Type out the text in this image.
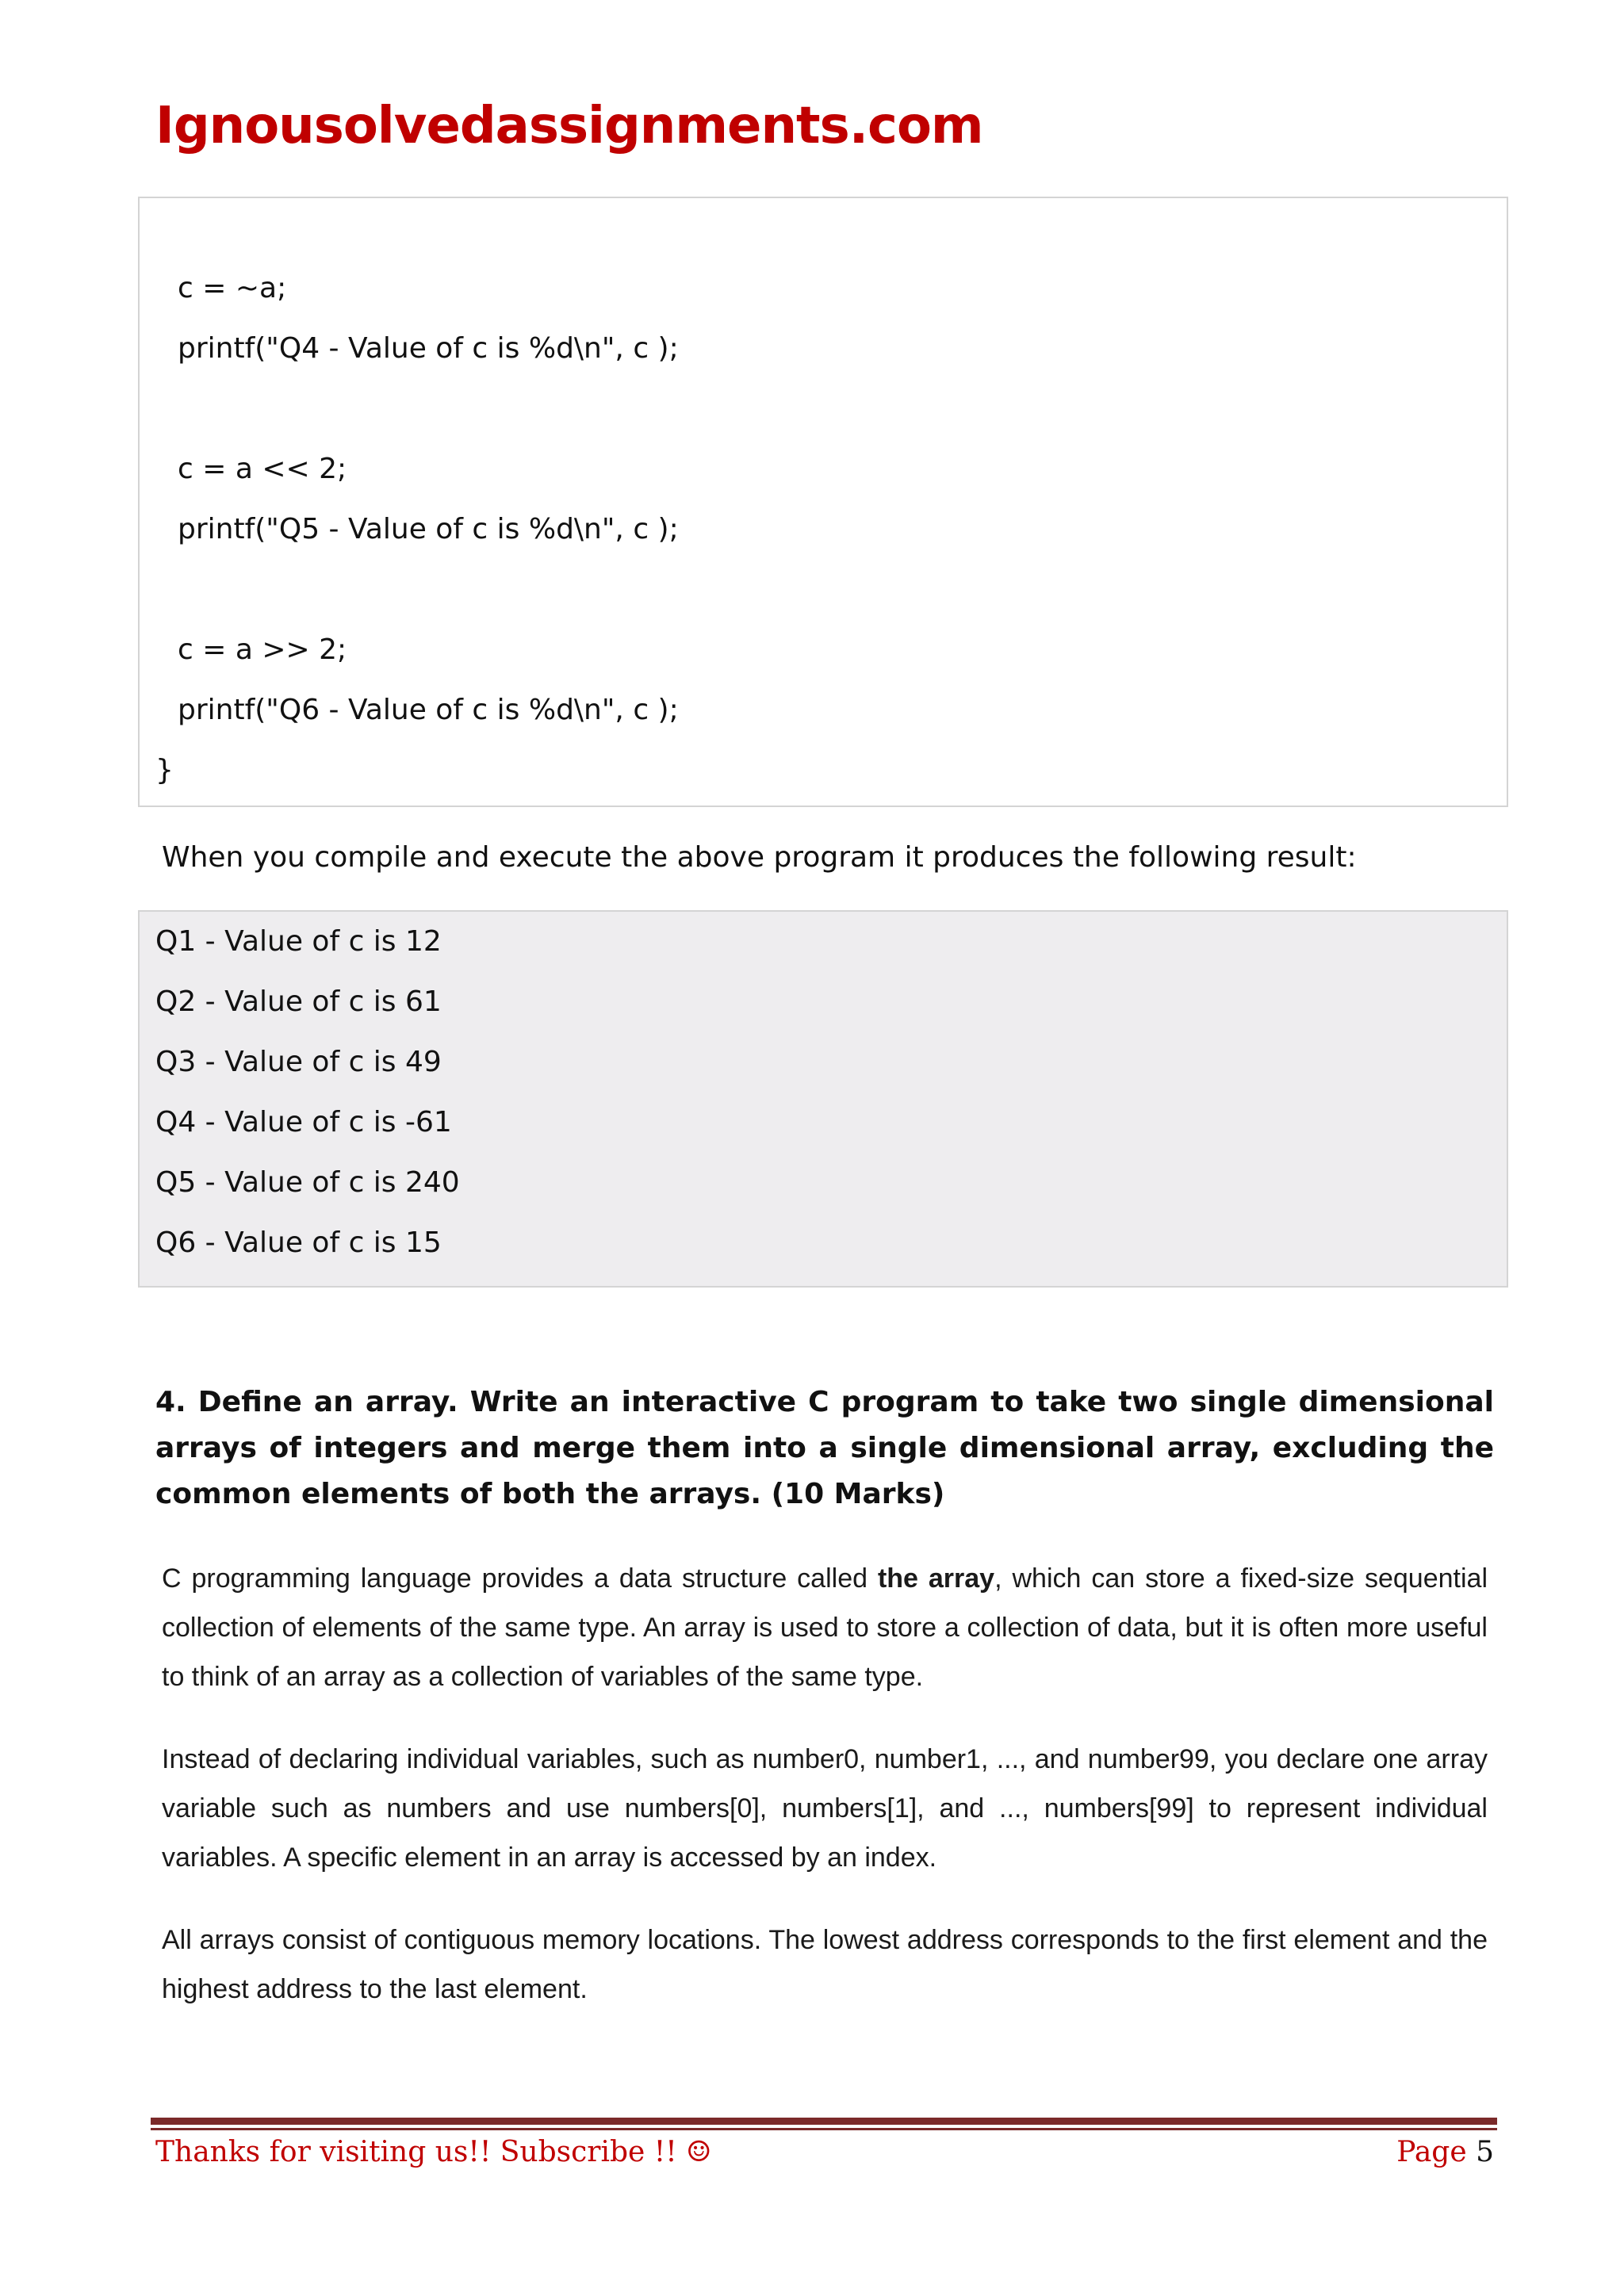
Ignousolvedassignments.com
c = ~a;
printf("Q4 - Value of c is %d\n", c );
c = a << 2;
printf("Q5 - Value of c is %d\n", c );
c = a >> 2;
printf("Q6 - Value of c is %d\n", c );
}
When you compile and execute the above program it produces the following result:
Q1 - Value of c is 12
Q2 - Value of c is 61
Q3 - Value of c is 49
Q4 - Value of c is -61
Q5 - Value of c is 240
Q6 - Value of c is 15

4. Define an array. Write an interactive C program to take two single dimensional arrays of integers and merge them into a single dimensional array, excluding the common elements of both the arrays. (10 Marks)

C programming language provides a data structure called the array, which can store a fixed-size sequential collection of elements of the same type. An array is used to store a collection of data, but it is often more useful to think of an array as a collection of variables of the same type.

Instead of declaring individual variables, such as number0, number1, ..., and number99, you declare one array variable such as numbers and use numbers[0], numbers[1], and ..., numbers[99] to represent individual variables. A specific element in an array is accessed by an index.

All arrays consist of contiguous memory locations. The lowest address corresponds to the first element and the highest address to the last element.

Thanks for visiting us!! Subscribe !! ☺	Page 5
